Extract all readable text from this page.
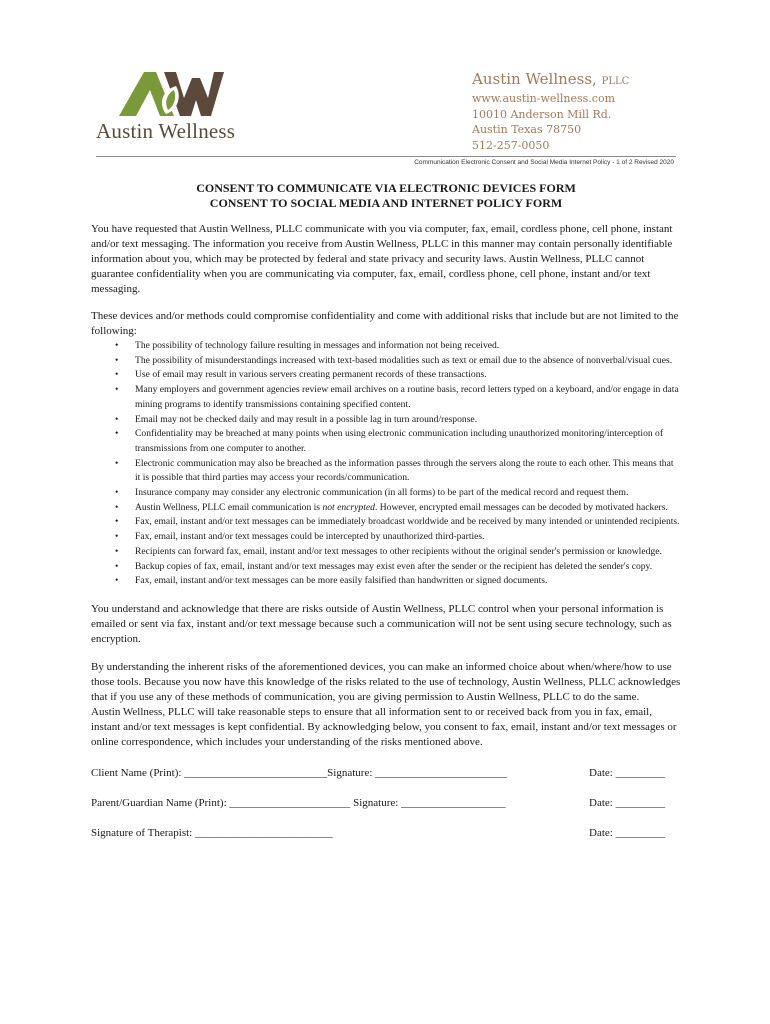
Austin Wellness
Austin Wellness, PLLC
www.austin-wellness.com
10010 Anderson Mill Rd.
Austin Texas 78750
512-257-0050
Communication Electronic Consent and Social Media Internet Policy - 1 of 2 Revised 2020

CONSENT TO COMMUNICATE VIA ELECTRONIC DEVICES FORM

CONSENT TO SOCIAL MEDIA AND INTERNET POLICY FORM

You have requested that Austin Wellness, PLLC communicate with you via computer, fax, email, cordless phone, cell phone, instant and/or text messaging. The information you receive from Austin Wellness, PLLC in this manner may contain personally identifiable information about you, which may be protected by federal and state privacy and security laws. Austin Wellness, PLLC cannot guarantee confidentiality when you are communicating via computer, fax, email, cordless phone, cell phone, instant and/or text messaging.

These devices and/or methods could compromise confidentiality and come with additional risks that include but are not limited to the following:

• The possibility of technology failure resulting in messages and information not being received.
• The possibility of misunderstandings increased with text-based modalities such as text or email due to the absence of nonverbal/visual cues.
• Use of email may result in various servers creating permanent records of these transactions.
• Many employers and government agencies review email archives on a routine basis, record letters typed on a keyboard, and/or engage in data mining programs to identify transmissions containing specified content.
• Email may not be checked daily and may result in a possible lag in turn around/response.
• Confidentiality may be breached at many points when using electronic communication including unauthorized monitoring/interception of transmissions from one computer to another.
• Electronic communication may also be breached as the information passes through the servers along the route to each other. This means that it is possible that third parties may access your records/communication.
• Insurance company may consider any electronic communication (in all forms) to be part of the medical record and request them.
• Austin Wellness, PLLC email communication is not encrypted. However, encrypted email messages can be decoded by motivated hackers.
• Fax, email, instant and/or text messages can be immediately broadcast worldwide and be received by many intended or unintended recipients.
• Fax, email, instant and/or text messages could be intercepted by unauthorized third-parties.
• Recipients can forward fax, email, instant and/or text messages to other recipients without the original sender's permission or knowledge.
• Backup copies of fax, email, instant and/or text messages may exist even after the sender or the recipient has deleted the sender's copy.
• Fax, email, instant and/or text messages can be more easily falsified than handwritten or signed documents.

You understand and acknowledge that there are risks outside of Austin Wellness, PLLC control when your personal information is emailed or sent via fax, instant and/or text message because such a communication will not be sent using secure technology, such as encryption.

By understanding the inherent risks of the aforementioned devices, you can make an informed choice about when/where/how to use those tools. Because you now have this knowledge of the risks related to the use of technology, Austin Wellness, PLLC acknowledges that if you use any of these methods of communication, you are giving permission to Austin Wellness, PLLC to do the same.

Austin Wellness, PLLC will take reasonable steps to ensure that all information sent to or received back from you in fax, email, instant and/or text messages is kept confidential. By acknowledging below, you consent to fax, email, instant and/or text messages or online correspondence, which includes your understanding of the risks mentioned above.

Client Name (Print): __________________________Signature: ________________________	Date: _________
Parent/Guardian Name (Print): ______________________ Signature: ___________________	Date: _________
Signature of Therapist: _________________________	Date: _________
